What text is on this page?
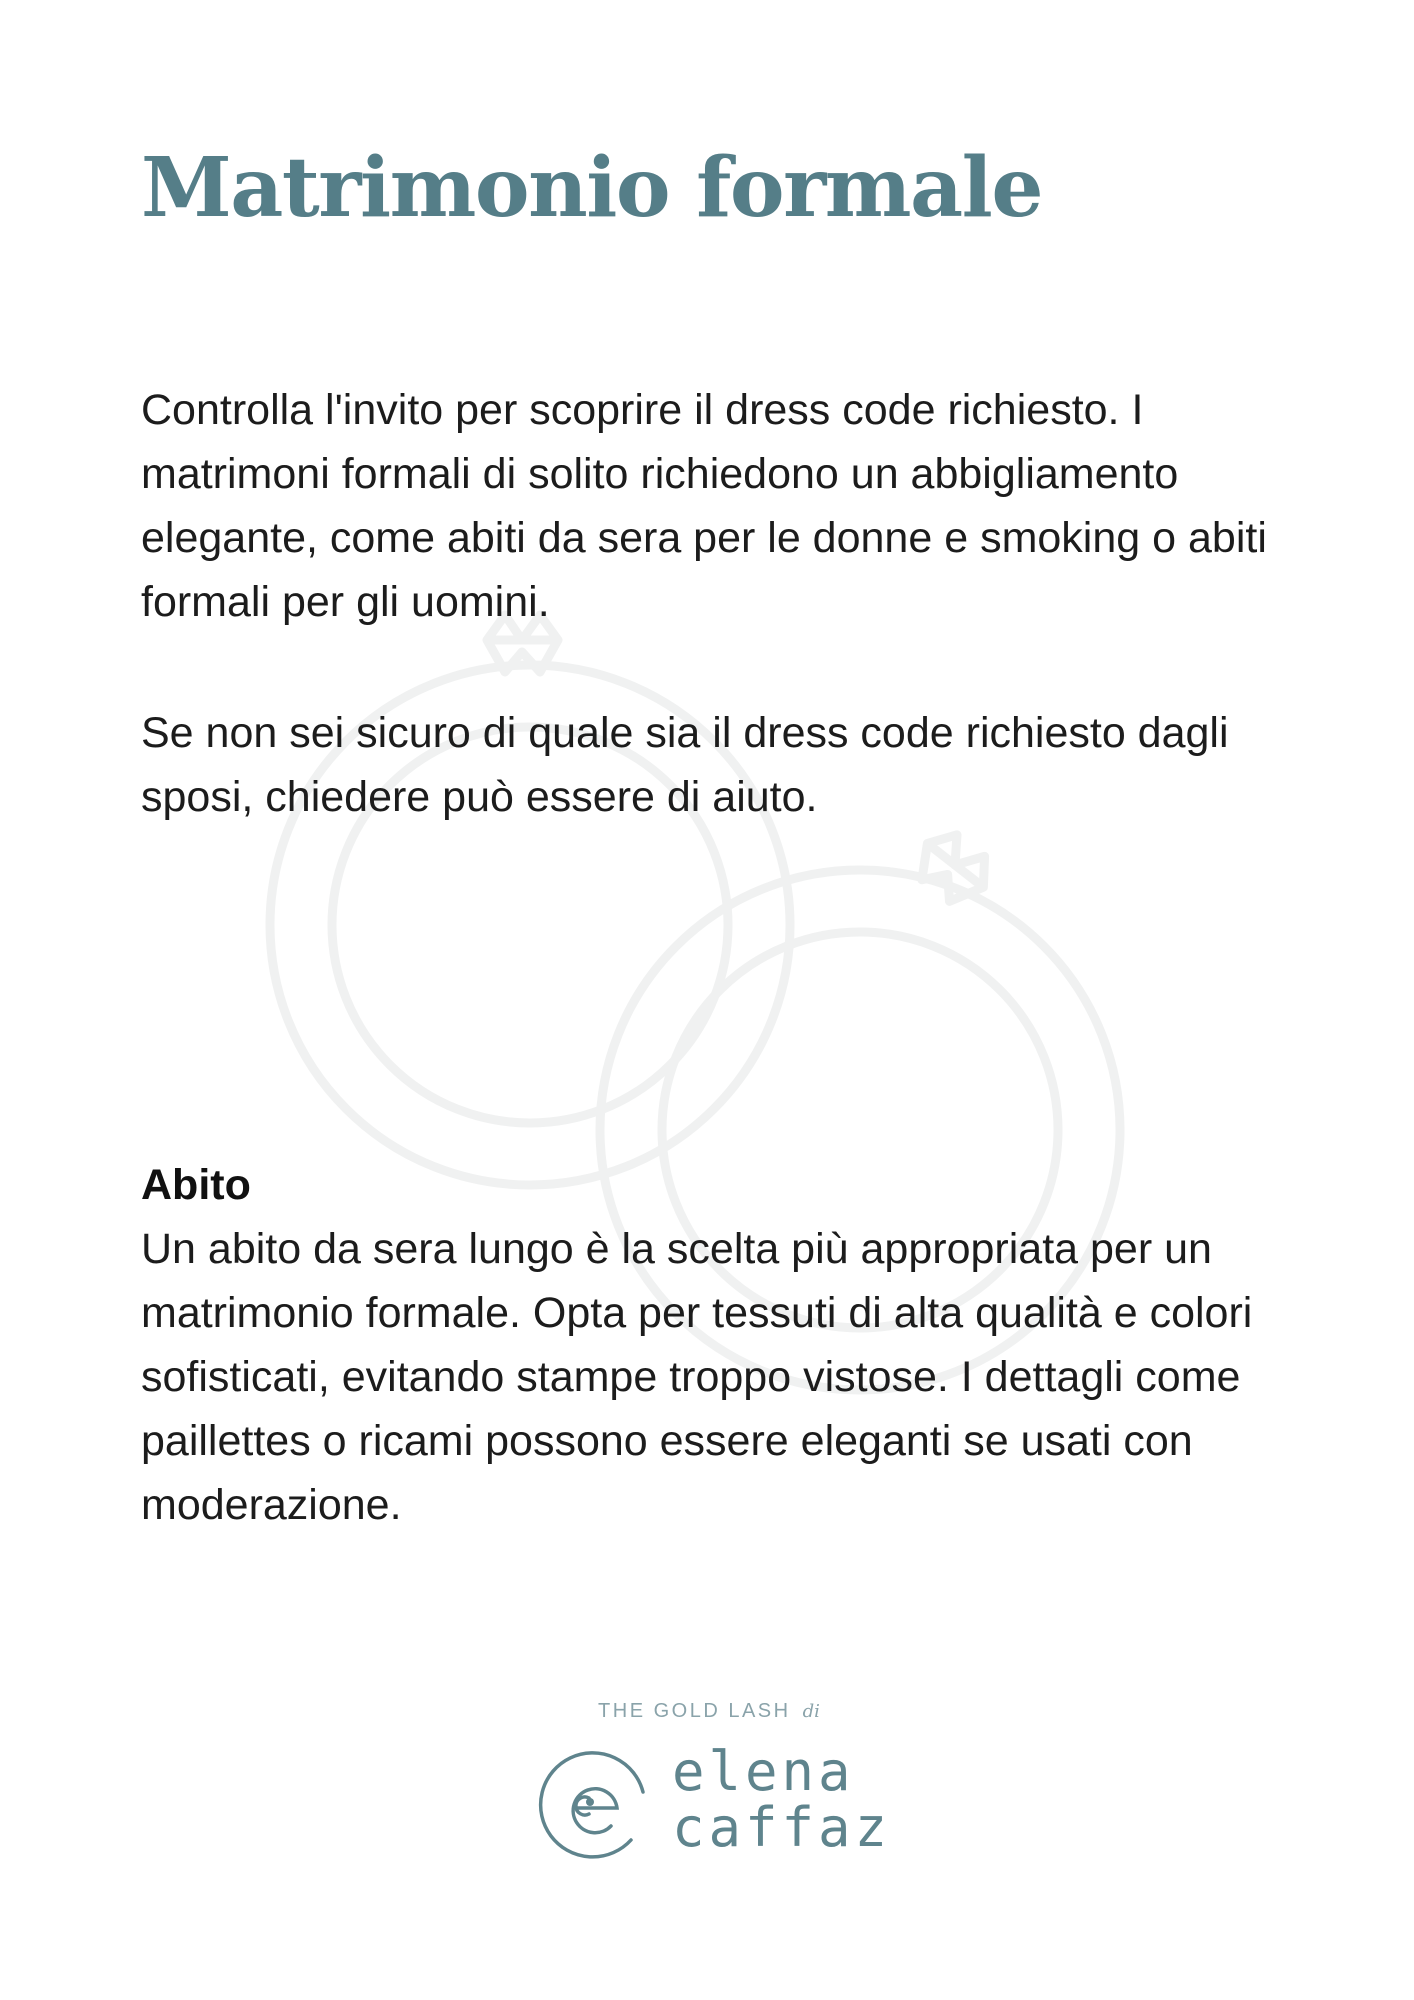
Matrimonio formale

Controlla l'invito per scoprire il dress code richiesto. I matrimoni formali di solito richiedono un abbigliamento elegante, come abiti da sera per le donne e smoking o abiti formali per gli uomini.

Se non sei sicuro di quale sia il dress code richiesto dagli sposi, chiedere può essere di aiuto.

Abito

Un abito da sera lungo è la scelta più appropriata per un matrimonio formale. Opta per tessuti di alta qualità e colori sofisticati, evitando stampe troppo vistose. I dettagli come paillettes o ricami possono essere eleganti se usati con moderazione.

THE GOLD LASH di
elena
caffaz
